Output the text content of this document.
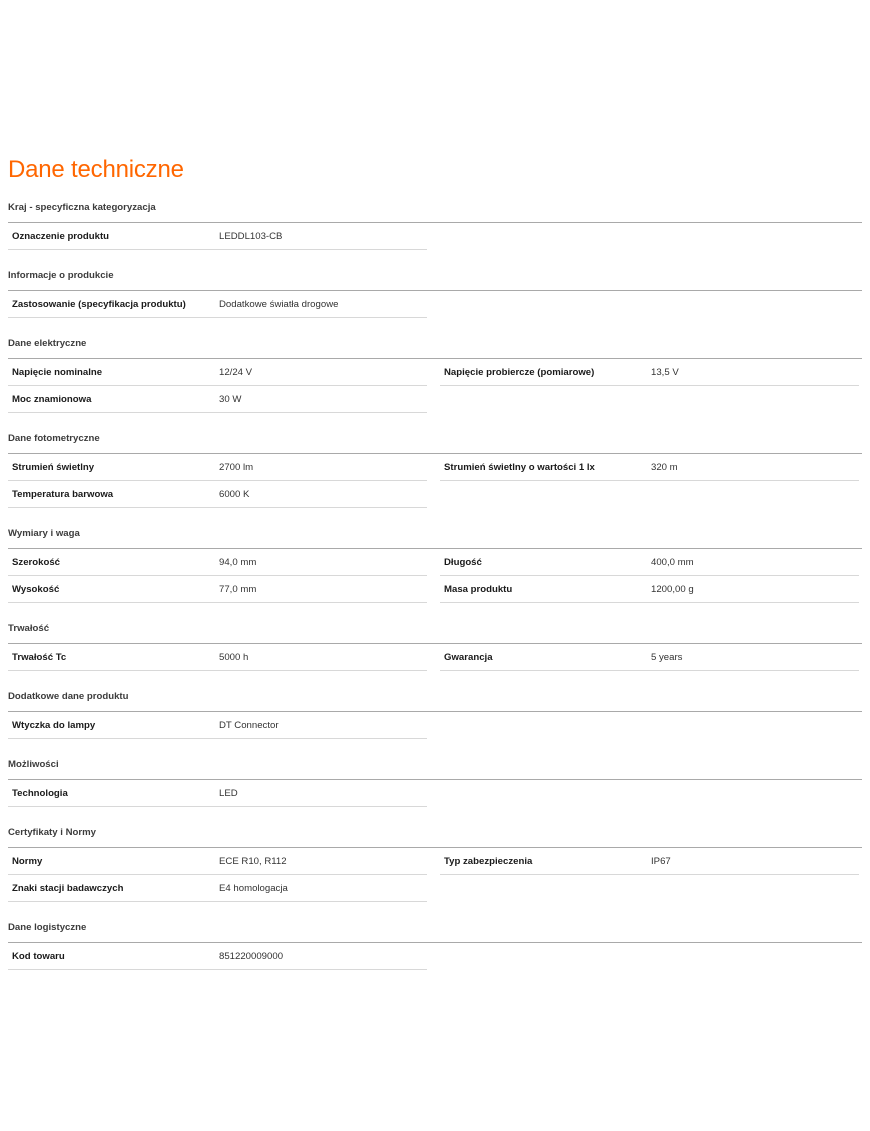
Dane techniczne
Kraj - specyficzna kategoryzacja
Oznaczenie produktu	LEDDL103-CB
Informacje o produkcie
Zastosowanie (specyfikacja produktu)	Dodatkowe światła drogowe
Dane elektryczne
Napięcie nominalne	12/24 V	Napięcie probiercze (pomiarowe)	13,5 V
Moc znamionowa	30 W
Dane fotometryczne
Strumień świetlny	2700 lm	Strumień świetlny o wartości 1 lx	320 m
Temperatura barwowa	6000 K
Wymiary i waga
Szerokość	94,0 mm	Długość	400,0 mm
Wysokość	77,0 mm	Masa produktu	1200,00 g
Trwałość
Trwałość Tc	5000 h	Gwarancja	5 years
Dodatkowe dane produktu
Wtyczka do lampy	DT Connector
Możliwości
Technologia	LED
Certyfikaty i Normy
Normy	ECE R10, R112	Typ zabezpieczenia	IP67
Znaki stacji badawczych	E4 homologacja
Dane logistyczne
Kod towaru	851220009000
